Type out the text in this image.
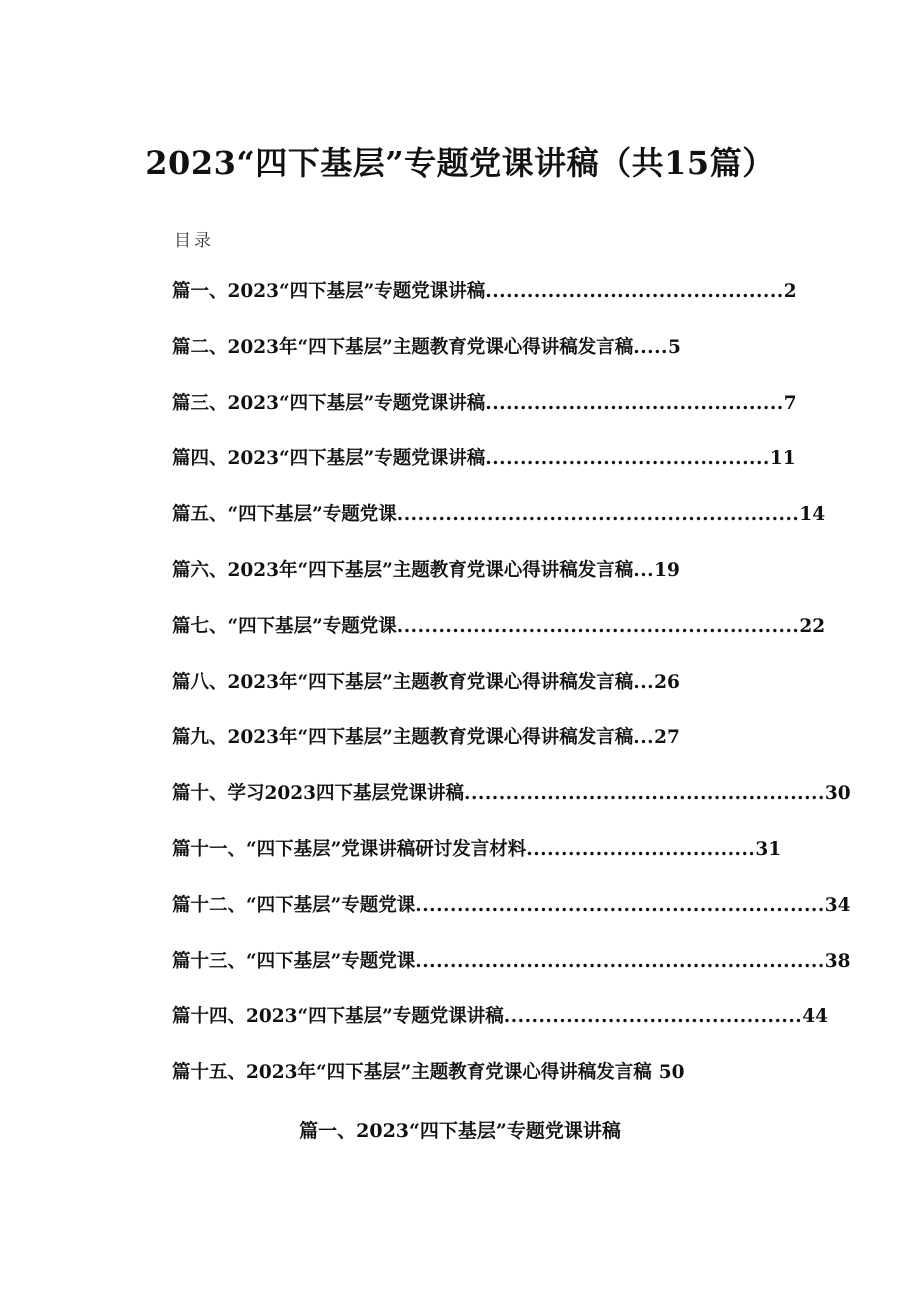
2023“四下基层”专题党课讲稿（共15篇）
目录
篇一、2023“四下基层”专题党课讲稿...........................................2
篇二、2023年“四下基层”主题教育党课心得讲稿发言稿.....5
篇三、2023“四下基层”专题党课讲稿...........................................7
篇四、2023“四下基层”专题党课讲稿.........................................11
篇五、“四下基层”专题党课..........................................................14
篇六、2023年“四下基层”主题教育党课心得讲稿发言稿...19
篇七、“四下基层”专题党课..........................................................22
篇八、2023年“四下基层”主题教育党课心得讲稿发言稿...26
篇九、2023年“四下基层”主题教育党课心得讲稿发言稿...27
篇十、学习2023四下基层党课讲稿....................................................30
篇十一、“四下基层”党课讲稿研讨发言材料.................................31
篇十二、“四下基层”专题党课...........................................................34
篇十三、“四下基层”专题党课...........................................................38
篇十四、2023“四下基层”专题党课讲稿...........................................44
篇十五、2023年“四下基层”主题教育党课心得讲稿发言稿 50
篇一、2023“四下基层”专题党课讲稿
